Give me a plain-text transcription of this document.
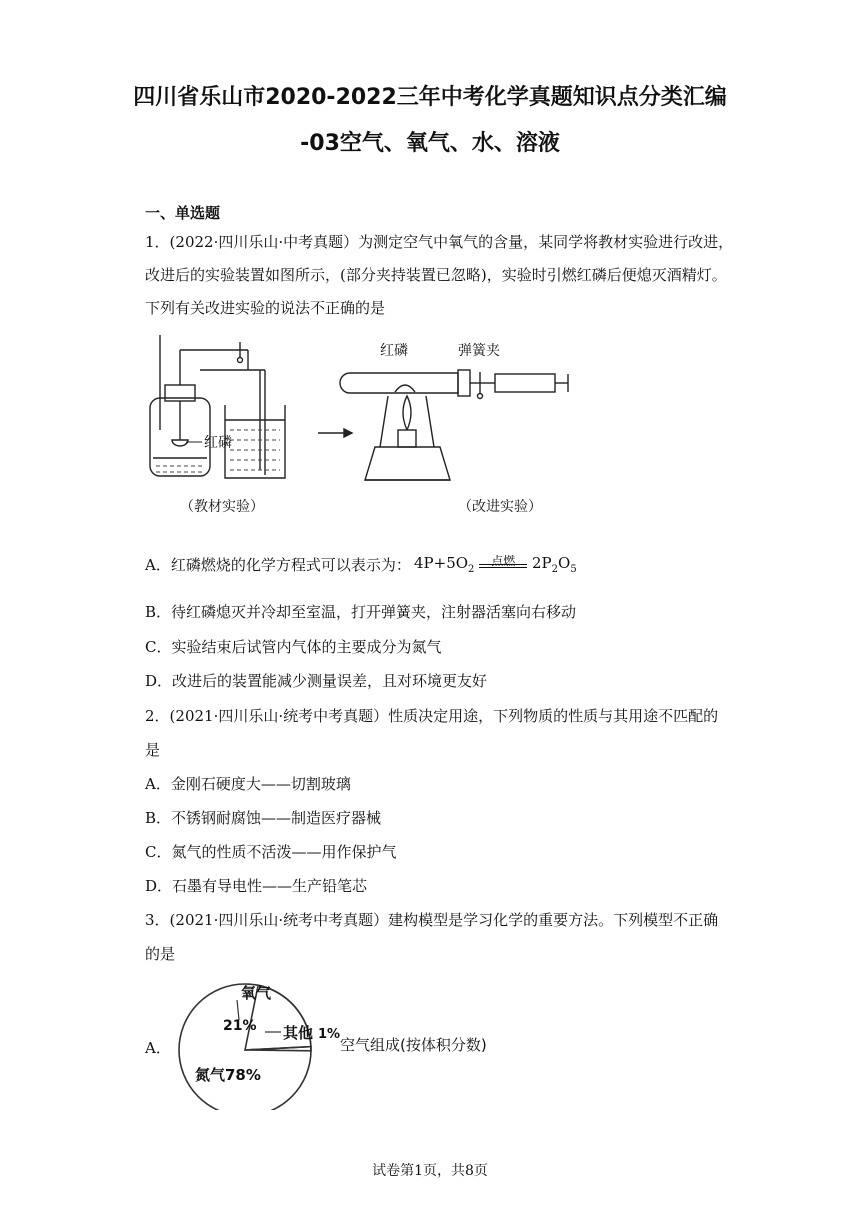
四川省乐山市2020-2022三年中考化学真题知识点分类汇编
-03空气、氧气、水、溶液
一、单选题
1．(2022·四川乐山·中考真题）为测定空气中氧气的含量，某同学将教材实验进行改进，
改进后的实验装置如图所示，(部分夹持装置已忽略)，实验时引燃红磷后便熄灭酒精灯。
下列有关改进实验的说法不正确的是
红磷
红磷	弹簧夹
（教材实验）	（改进实验）
A．红磷燃烧的化学方程式可以表示为： $4P+5O_2$
点燃	$2P_2O_5$
B．待红磷熄灭并冷却至室温，打开弹簧夹，注射器活塞向右移动
C．实验结束后试管内气体的主要成分为氮气
D．改进后的装置能减少测量误差，且对环境更友好
2．(2021·四川乐山·统考中考真题）性质决定用途，下列物质的性质与其用途不匹配的
是
A．金刚石硬度大——切割玻璃
B．不锈钢耐腐蚀——制造医疗器械
C．氮气的性质不活泼——用作保护气
D．石墨有导电性——生产铅笔芯
3．(2021·四川乐山·统考中考真题）建构模型是学习化学的重要方法。下列模型不正确
的是
A．
氧气
21% 其他 1%
氮气78%
空气组成(按体积分数)
试卷第1页，共8页
